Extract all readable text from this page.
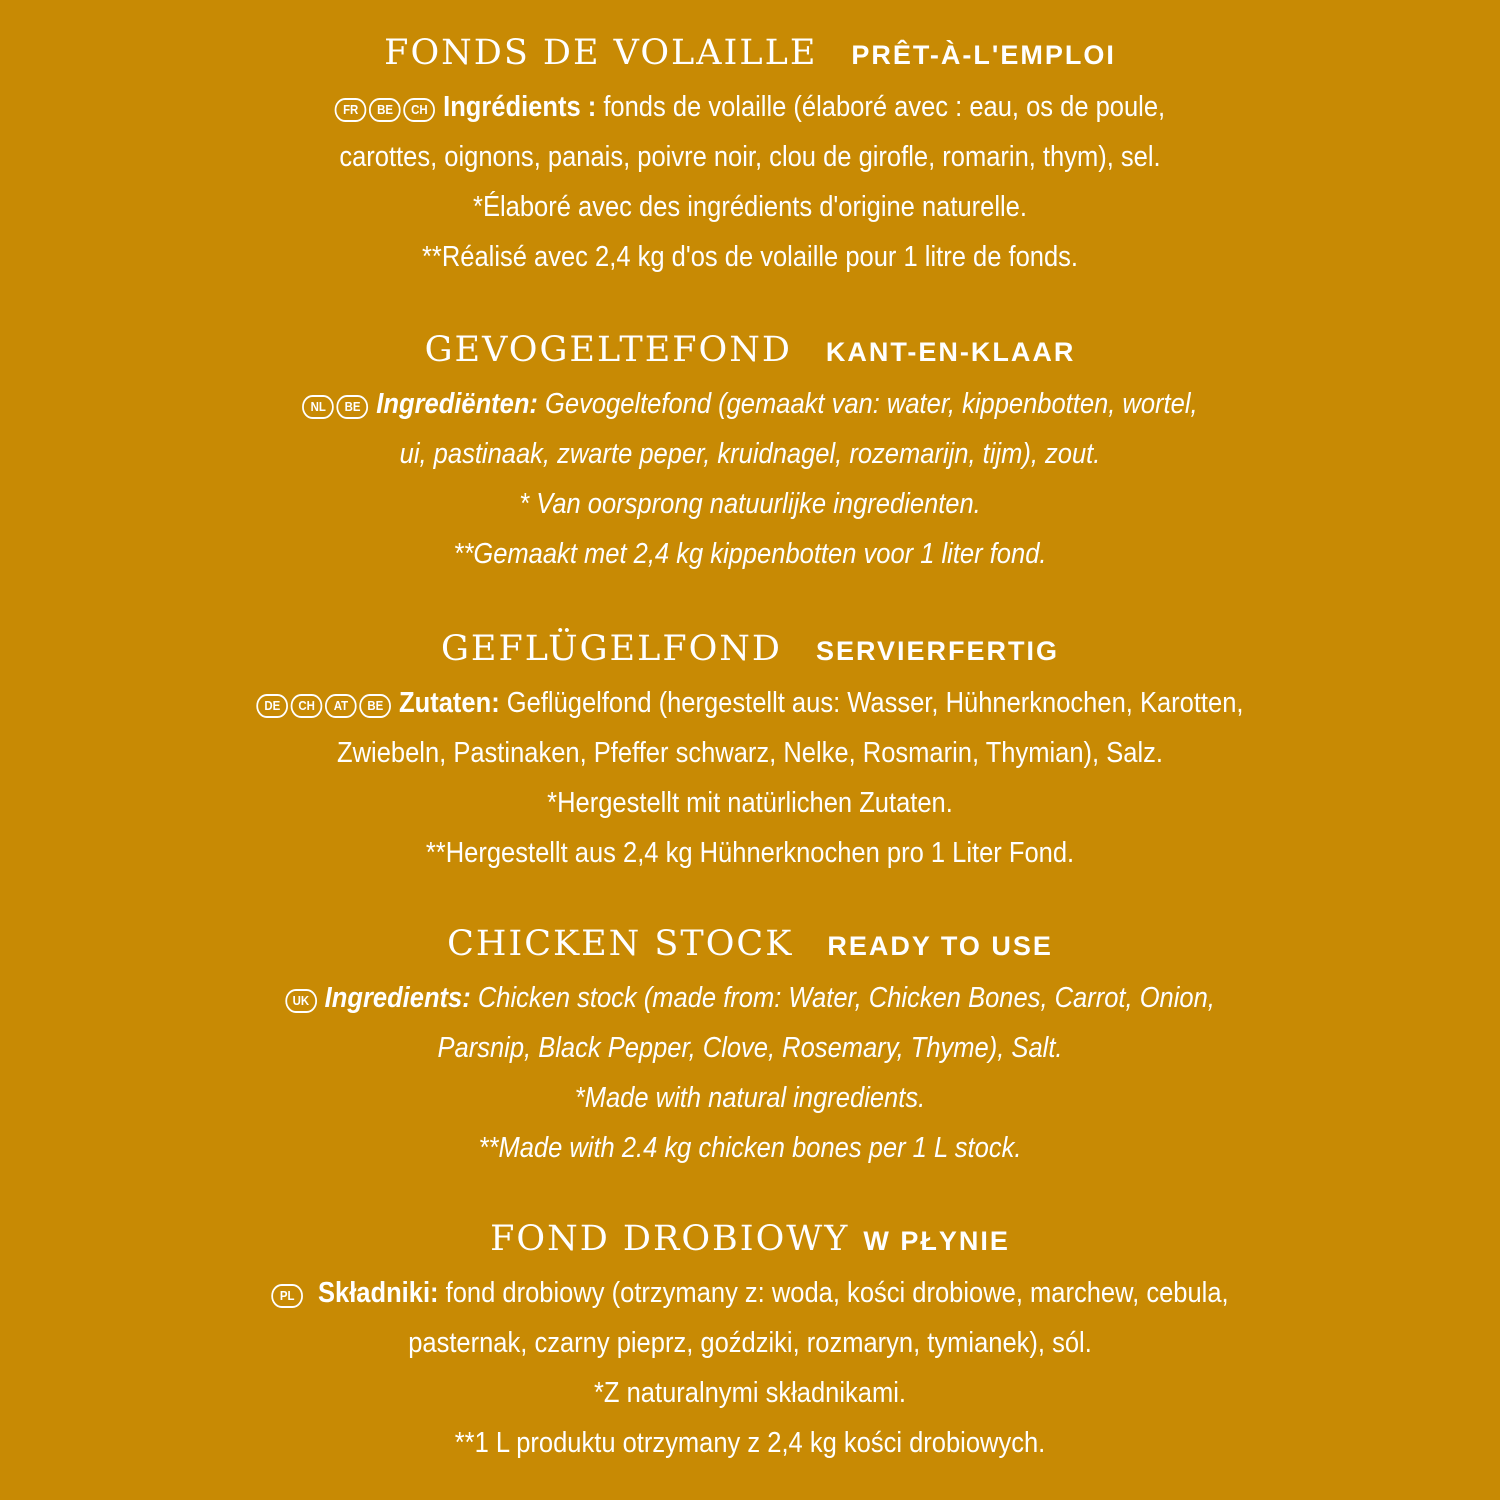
FONDS DE VOLAILLE PRÊT-À-L'EMPLOI
FR BE CH Ingrédients : fonds de volaille (élaboré avec : eau, os de poule,
carottes, oignons, panais, poivre noir, clou de girofle, romarin, thym), sel.
*Élaboré avec des ingrédients d'origine naturelle.
**Réalisé avec 2,4 kg d'os de volaille pour 1 litre de fonds.
GEVOGELTEFOND KANT-EN-KLAAR
NL BE Ingrediënten: Gevogeltefond (gemaakt van: water, kippenbotten, wortel,
ui, pastinaak, zwarte peper, kruidnagel, rozemarijn, tijm), zout.
* Van oorsprong natuurlijke ingredienten.
**Gemaakt met 2,4 kg kippenbotten voor 1 liter fond.
GEFLÜGELFOND SERVIERFERTIG
DE CH AT BE Zutaten: Geflügelfond (hergestellt aus: Wasser, Hühnerknochen, Karotten,
Zwiebeln, Pastinaken, Pfeffer schwarz, Nelke, Rosmarin, Thymian), Salz.
*Hergestellt mit natürlichen Zutaten.
**Hergestellt aus 2,4 kg Hühnerknochen pro 1 Liter Fond.
CHICKEN STOCK READY TO USE
UK Ingredients: Chicken stock (made from: Water, Chicken Bones, Carrot, Onion,
Parsnip, Black Pepper, Clove, Rosemary, Thyme), Salt.
*Made with natural ingredients.
**Made with 2.4 kg chicken bones per 1 L stock.
FOND DROBIOWY W PŁYNIE
PL Składniki: fond drobiowy (otrzymany z: woda, kości drobiowe, marchew, cebula,
pasternak, czarny pieprz, goździki, rozmaryn, tymianek), sól.
*Z naturalnymi składnikami.
**1 L produktu otrzymany z 2,4 kg kości drobiowych.
